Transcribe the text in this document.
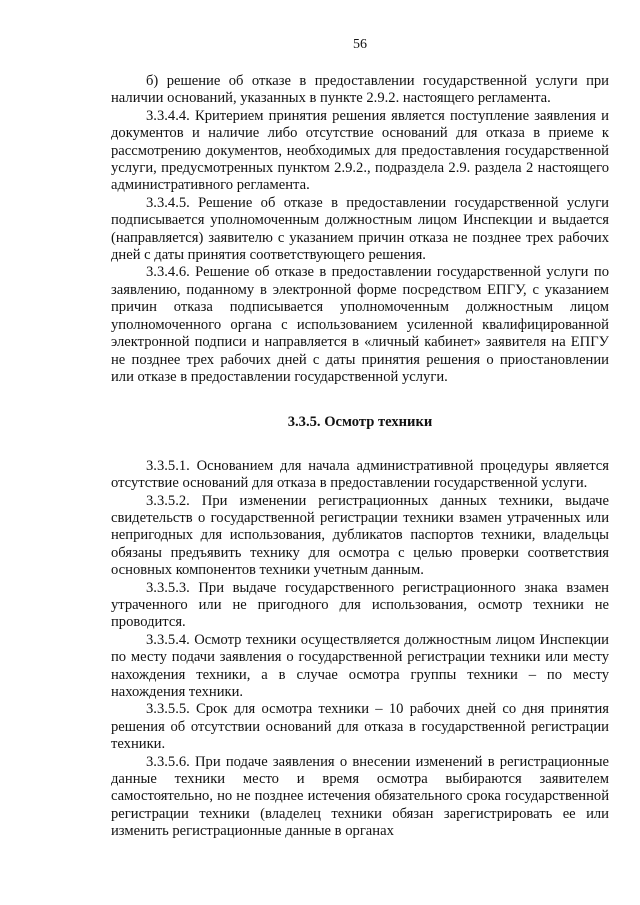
56

б) решение об отказе в предоставлении государственной услуги при наличии оснований, указанных в пункте 2.9.2. настоящего регламента.

3.3.4.4. Критерием принятия решения является поступление заявления и документов и наличие либо отсутствие оснований для отказа в приеме к рассмотрению документов, необходимых для предоставления государственной услуги, предусмотренных пунктом 2.9.2., подраздела 2.9. раздела 2 настоящего административного регламента.

3.3.4.5. Решение об отказе в предоставлении государственной услуги подписывается уполномоченным должностным лицом Инспекции и выдается (направляется) заявителю с указанием причин отказа не позднее трех рабочих дней с даты принятия соответствующего решения.

3.3.4.6. Решение об отказе в предоставлении государственной услуги по заявлению, поданному в электронной форме посредством ЕПГУ, с указанием причин отказа подписывается уполномоченным должностным лицом уполномоченного органа с использованием усиленной квалифицированной электронной подписи и направляется в «личный кабинет» заявителя на ЕПГУ не позднее трех рабочих дней с даты принятия решения о приостановлении или отказе в предоставлении государственной услуги.

3.3.5. Осмотр техники

3.3.5.1. Основанием для начала административной процедуры является отсутствие оснований для отказа в предоставлении государственной услуги.

3.3.5.2. При изменении регистрационных данных техники, выдаче свидетельств о государственной регистрации техники взамен утраченных или непригодных для использования, дубликатов паспортов техники, владельцы обязаны предъявить технику для осмотра с целью проверки соответствия основных компонентов техники учетным данным.

3.3.5.3. При выдаче государственного регистрационного знака взамен утраченного или не пригодного для использования, осмотр техники не проводится.

3.3.5.4. Осмотр техники осуществляется должностным лицом Инспекции по месту подачи заявления о государственной регистрации техники или месту нахождения техники, а в случае осмотра группы техники – по месту нахождения техники.

3.3.5.5. Срок для осмотра техники – 10 рабочих дней со дня принятия решения об отсутствии оснований для отказа в государственной регистрации техники.

3.3.5.6. При подаче заявления о внесении изменений в регистрационные данные техники место и время осмотра выбираются заявителем самостоятельно, но не позднее истечения обязательного срока государственной регистрации техники (владелец техники обязан зарегистрировать ее или изменить регистрационные данные в органах
